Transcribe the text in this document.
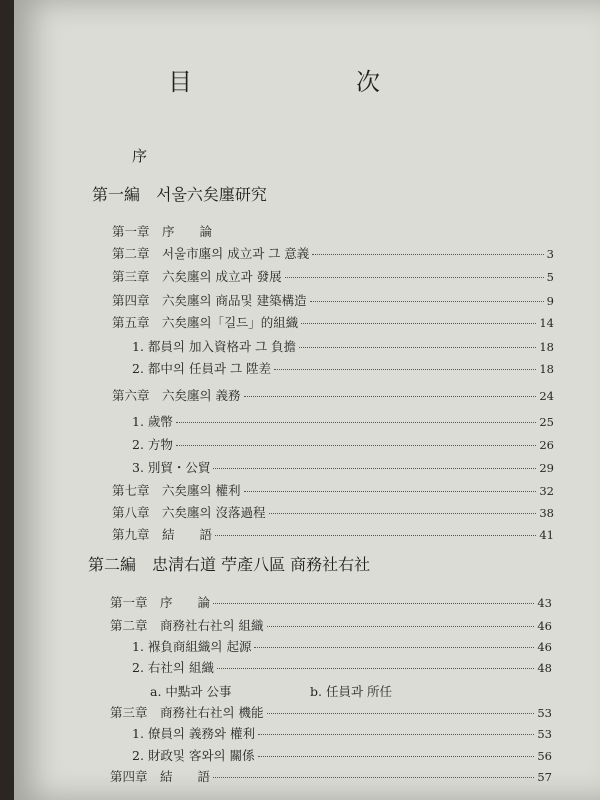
目　次
序
第一編　서울六矣廛研究
第一章　序　　論
第二章　서울市廛의 成立과 그 意義	3
第三章　六矣廛의 成立과 發展	5
第四章　六矣廛의 商品및 建築構造	9
第五章　六矣廛의「길드」的組織	14
1. 都員의 加入資格과 그 負擔	18
2. 都中의 任員과 그 陞差	18
第六章　六矣廛의 義務	24
1. 歲幣	25
2. 方物	26
3. 別貿・公貿	29
第七章　六矣廛의 權利	32
第八章　六矣廛의 沒落過程	38
第九章　結　　語	41
第二編　忠淸右道 苧產八區 商務社右社
第一章　序　　論	43
第二章　商務社右社의 組織	46
1. 褓負商組織의 起源	46
2. 右社의 組織	48
a. 中點과 公事	b. 任員과 所任
第三章　商務社右社의 機能	53
1. 僚員의 義務와 權利	53
2. 財政및 客와의 關係	56
第四章　結　　語	57
